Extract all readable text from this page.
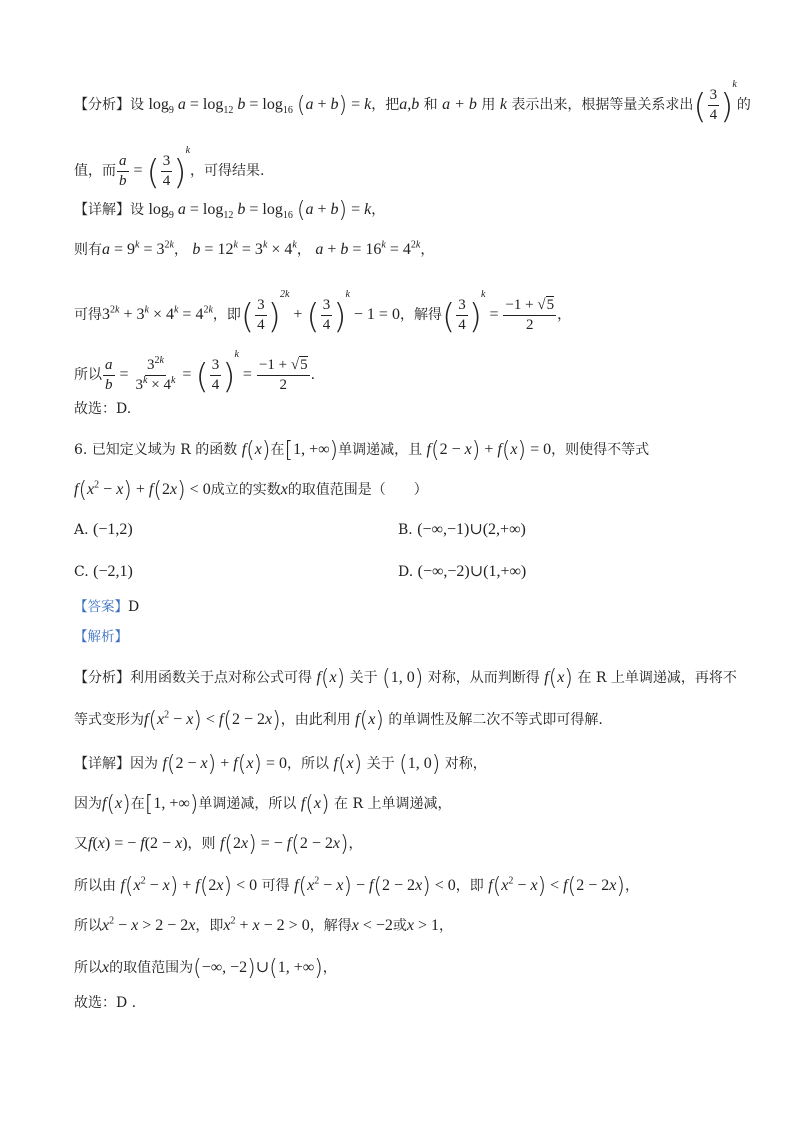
【分析】设 $\log_9 a = \log_{12} b = \log_{16} (a + b) = k$，把a,b 和 a + b 用 k 表示出来，根据等量关系求出( $\frac{3}{4} )^k$的
值，而 $\frac{a}{b}$ = ( $\frac{3}{4} )^k$，可得结果.
【详解】设 $\log_9 a = \log_{12} b = \log_{16} (a + b) = k$，
则有$a = 9^k = 3^{2k}$， $b = 12^k = 3^k \times 4^k$， $a + b = 16^k = 4^{2k}$，
可得$3^{2k} + 3^k \times 4^k = 4^{2k}$，即( $\frac{3}{4} )^{2k}$ + ( $\frac{3}{4} )^k - 1 = 0$，解得( $\frac{3}{4} )^k = \frac{-1 + √5}{2}$ ，
所以 $\frac{a}{b} = \frac{3^{2k}}{3^k \times 4^k}$ = ( $\frac{3}{4} )^k = \frac{-1 + √5}{2}$ .
故选：D.
6. 已知定义域为 R 的函数 f(x)在[1, +∞)单调递减，且 f(2 − x) + f(x) = 0，则使得不等式
$f(x^2 - x) + f(2x) < 0$成立的实数x的取值范围是（　　）
A. (−1,2)	B. (−∞,−1)∪(2,+∞)
C. (−2,1)	D. (−∞,−2)∪(1,+∞)
【答案】D
【解析】
【分析】利用函数关于点对称公式可得 f(x) 关于 (1, 0) 对称，从而判断得 f(x) 在 R 上单调递减，再将不
等式变形为$f(x^2 - x) < f(2 - 2x)$，由此利用 f(x) 的单调性及解二次不等式即可得解.
【详解】因为 f(2 − x) + f(x) = 0，所以 f(x) 关于 (1, 0) 对称，
因为f(x)在[1, +∞)单调递减，所以 f(x) 在 R 上单调递减，
又f(x) = − f(2 − x)，则 f(2x) = − f(2 − 2x)，
所以由 $f(x^2 - x) + f(2x) < 0$ 可得 $f(x^2 - x) - f(2 - 2x) < 0$，即 $f(x^2 - x) < f(2 - 2x)$，
所以$x^2 - x > 2 - 2x$，即$x^2 + x - 2 > 0$，解得x < −2或x > 1，
所以x的取值范围为(−∞, −2)∪(1, +∞)，
故选：D .
